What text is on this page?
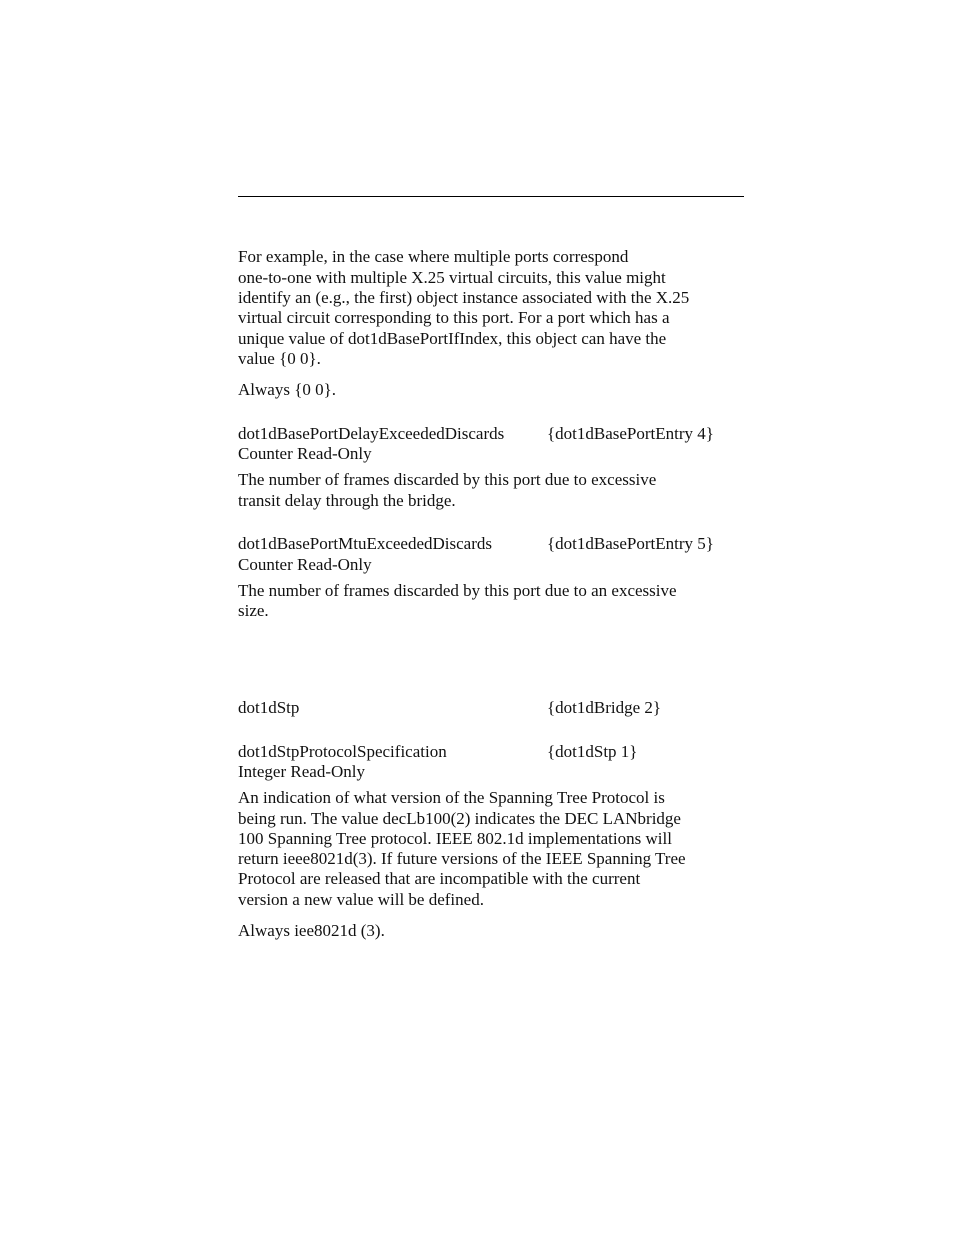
For example, in the case where multiple ports correspond
one-to-one with multiple X.25 virtual circuits, this value might
identify an (e.g., the first) object instance associated with the X.25
virtual circuit corresponding to this port. For a port which has a
unique value of dot1dBasePortIfIndex, this object can have the
value {0 0}.
Always {0 0}.
dot1dBasePortDelayExceededDiscards	{dot1dBasePortEntry 4}
Counter Read-Only
The number of frames discarded by this port due to excessive
transit delay through the bridge.
dot1dBasePortMtuExceededDiscards	{dot1dBasePortEntry 5}
Counter Read-Only
The number of frames discarded by this port due to an excessive
size.
dot1dStp	{dot1dBridge 2}
dot1dStpProtocolSpecification	{dot1dStp 1}
Integer Read-Only
An indication of what version of the Spanning Tree Protocol is
being run. The value decLb100(2) indicates the DEC LANbridge
100 Spanning Tree protocol. IEEE 802.1d implementations will
return ieee8021d(3). If future versions of the IEEE Spanning Tree
Protocol are released that are incompatible with the current
version a new value will be defined.
Always iee8021d (3).
